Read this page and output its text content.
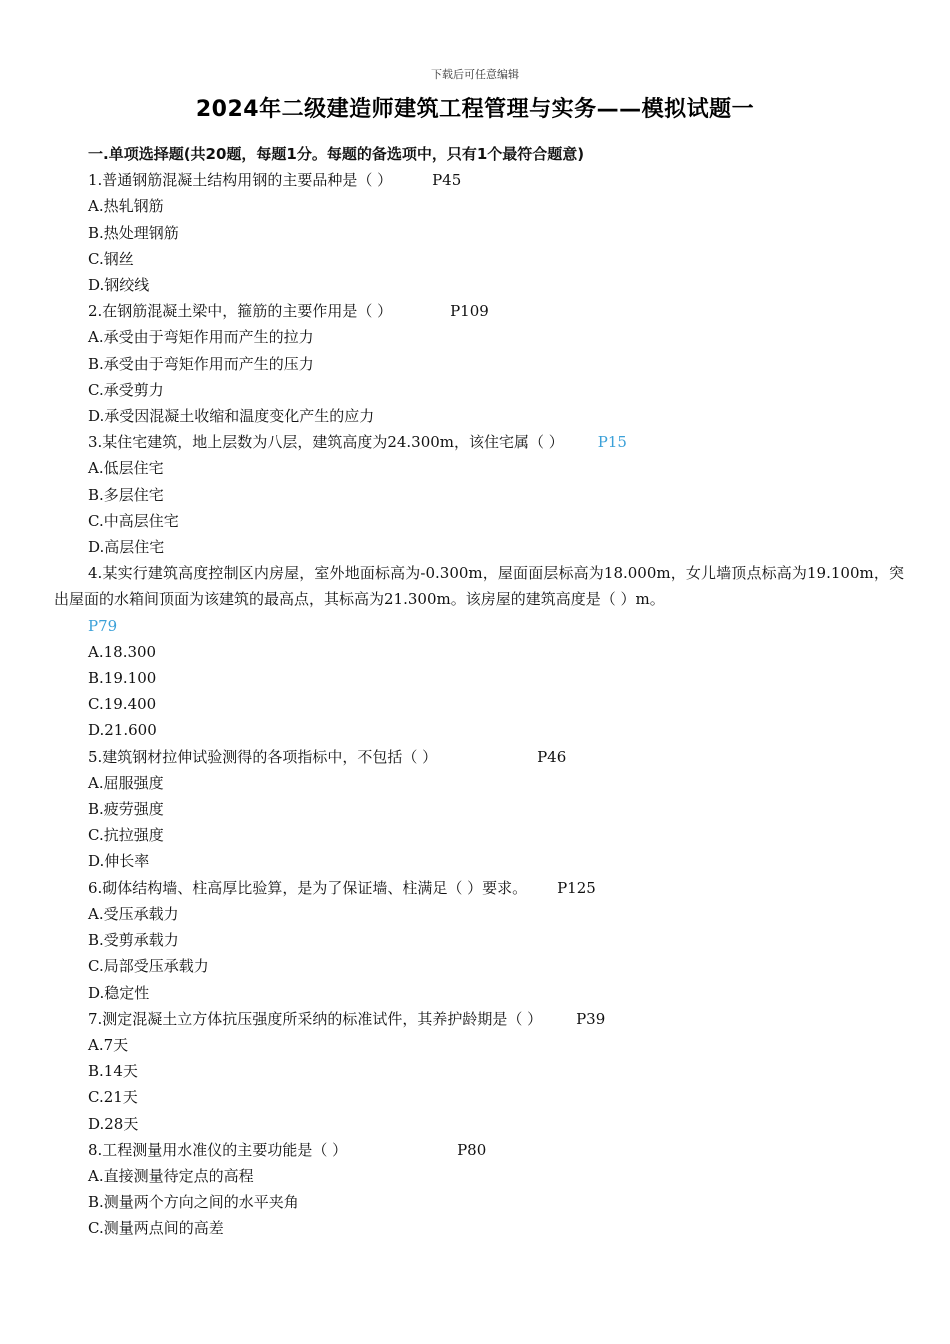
下载后可任意编辑
2024年二级建造师建筑工程管理与实务——模拟试题一
一.单项选择题(共20题，每题1分。每题的备选项中，只有1个最符合题意)
1.普通钢筋混凝土结构用钢的主要品种是（ ）	P45
A.热轧钢筋
B.热处理钢筋
C.钢丝
D.钢绞线
2.在钢筋混凝土梁中，箍筋的主要作用是（ ）	P109
A.承受由于弯矩作用而产生的拉力
B.承受由于弯矩作用而产生的压力
C.承受剪力
D.承受因混凝土收缩和温度变化产生的应力
3.某住宅建筑，地上层数为八层，建筑高度为24.300m，该住宅属（ ） P15
A.低层住宅
B.多层住宅
C.中高层住宅
D.高层住宅
4.某实行建筑高度控制区内房屋，室外地面标高为-0.300m，屋面面层标高为18.000m，女儿墙顶点标高为19.100m，突出屋面的水箱间顶面为该建筑的最高点，其标高为21.300m。该房屋的建筑高度是（ ）m。
P79
A.18.300
B.19.100
C.19.400
D.21.600
5.建筑钢材拉伸试验测得的各项指标中，不包括（ ）	P46
A.屈服强度
B.疲劳强度
C.抗拉强度
D.伸长率
6.砌体结构墙、柱高厚比验算，是为了保证墙、柱满足（ ）要求。 P125
A.受压承载力
B.受剪承载力
C.局部受压承载力
D.稳定性
7.测定混凝土立方体抗压强度所采纳的标准试件，其养护龄期是（ ） P39
A.7天
B.14天
C.21天
D.28天
8.工程测量用水准仪的主要功能是（ ）	P80
A.直接测量待定点的高程
B.测量两个方向之间的水平夹角
C.测量两点间的高差
